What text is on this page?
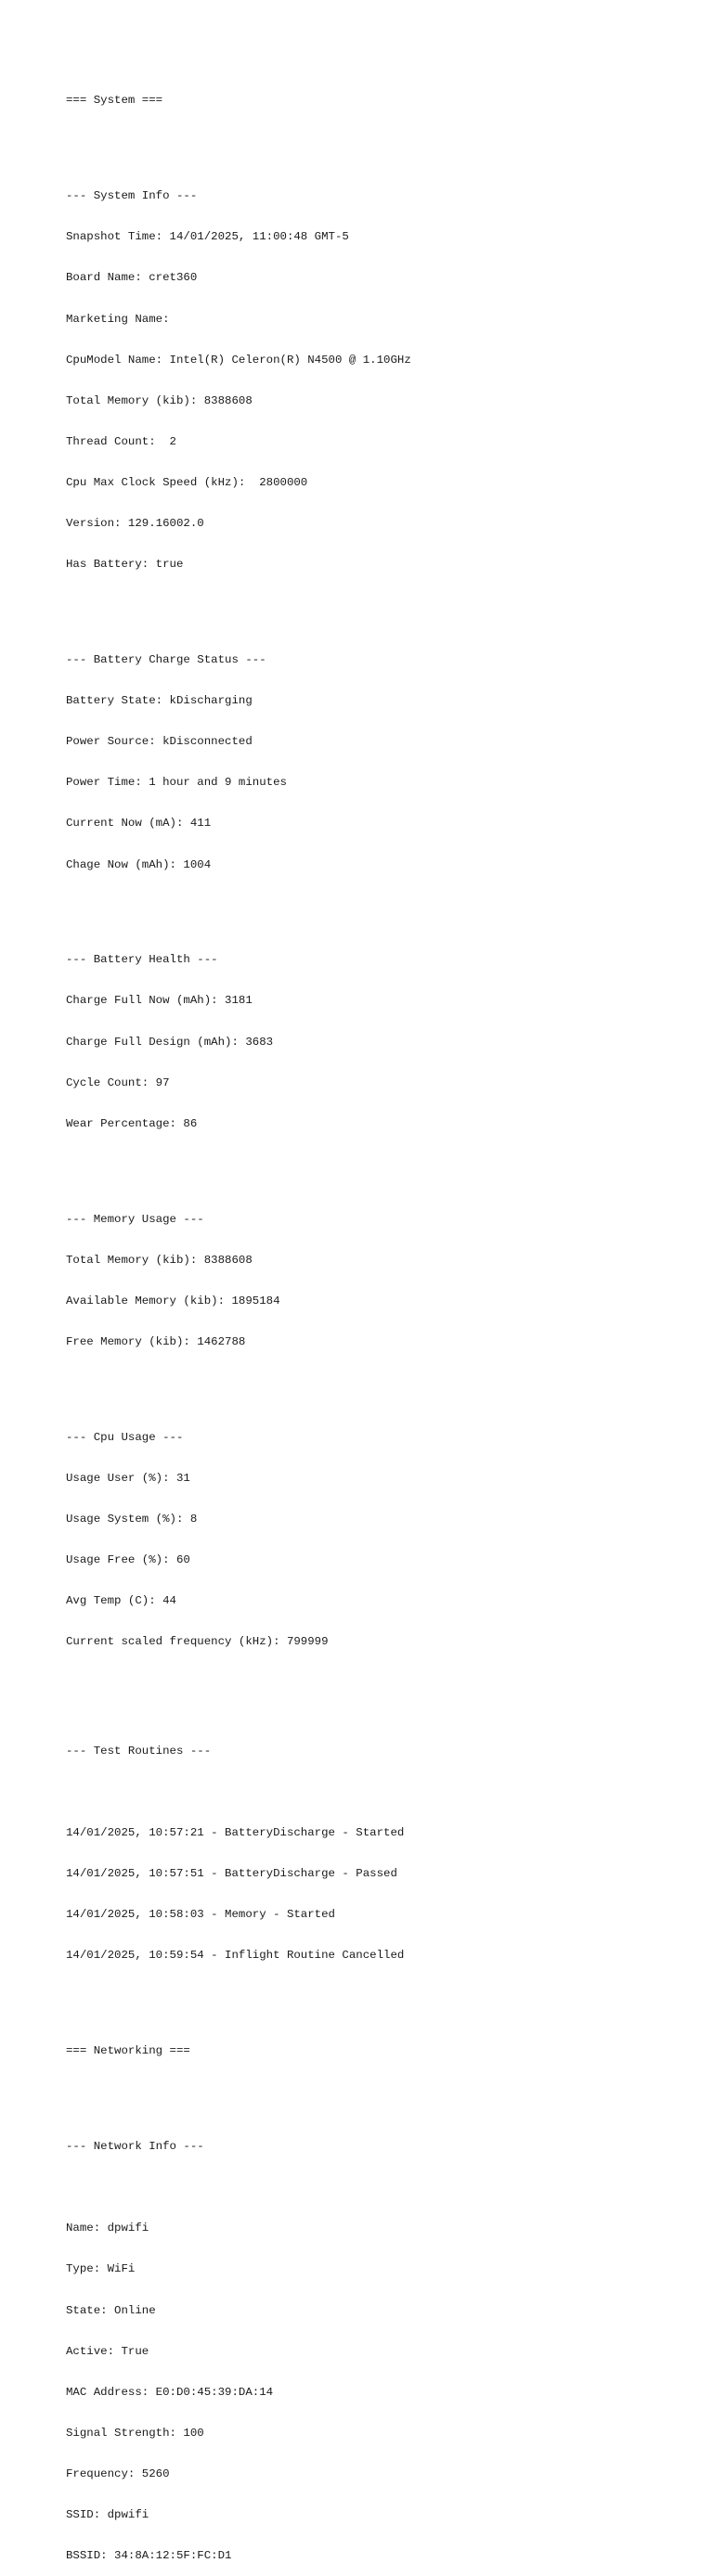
=== System ===

--- System Info ---

Snapshot Time: 14/01/2025, 11:00:48 GMT-5

Board Name: cret360

Marketing Name:

CpuModel Name: Intel(R) Celeron(R) N4500 @ 1.10GHz

Total Memory (kib): 8388608

Thread Count:  2

Cpu Max Clock Speed (kHz):  2800000

Version: 129.16002.0

Has Battery: true

--- Battery Charge Status ---

Battery State: kDischarging

Power Source: kDisconnected

Power Time: 1 hour and 9 minutes

Current Now (mA): 411

Chage Now (mAh): 1004

--- Battery Health ---

Charge Full Now (mAh): 3181

Charge Full Design (mAh): 3683

Cycle Count: 97

Wear Percentage: 86

--- Memory Usage ---

Total Memory (kib): 8388608

Available Memory (kib): 1895184

Free Memory (kib): 1462788

--- Cpu Usage ---

Usage User (%): 31

Usage System (%): 8

Usage Free (%): 60

Avg Temp (C): 44

Current scaled frequency (kHz): 799999

--- Test Routines ---

14/01/2025, 10:57:21 - BatteryDischarge - Started

14/01/2025, 10:57:51 - BatteryDischarge - Passed

14/01/2025, 10:58:03 - Memory - Started

14/01/2025, 10:59:54 - Inflight Routine Cancelled

=== Networking ===

--- Network Info ---

Name: dpwifi

Type: WiFi

State: Online

Active: True

MAC Address: E0:D0:45:39:DA:14

Signal Strength: 100

Frequency: 5260

SSID: dpwifi

BSSID: 34:8A:12:5F:FC:D1
